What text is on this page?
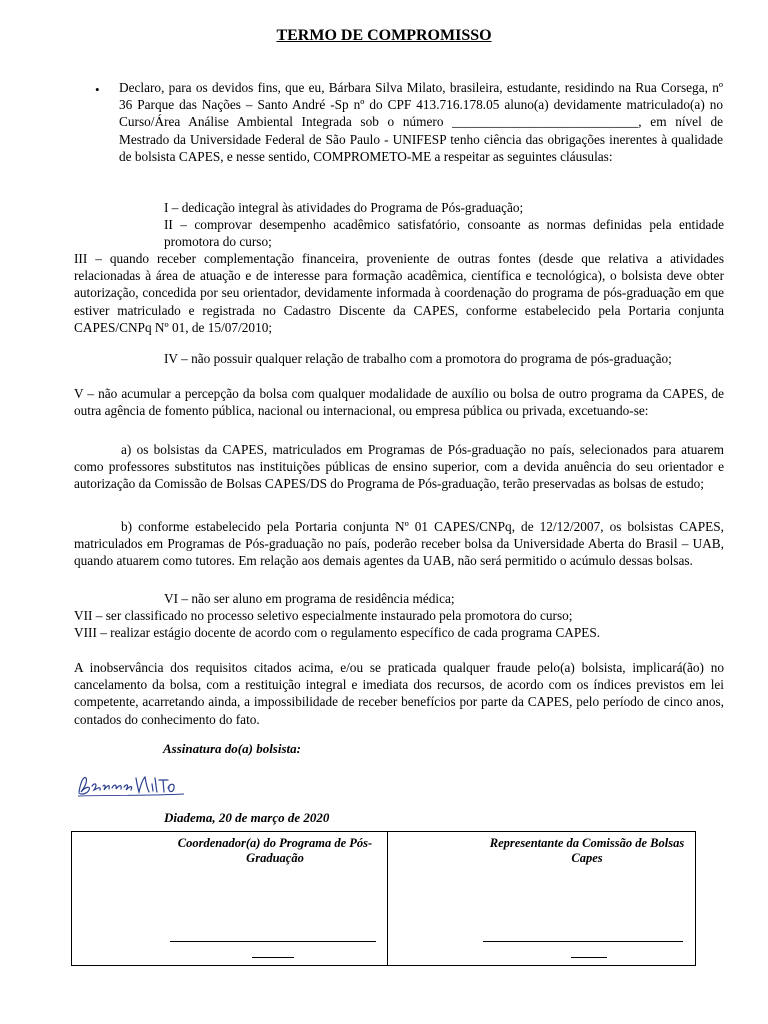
TERMO DE COMPROMISSO
• Declaro, para os devidos fins, que eu, Bárbara Silva Milato, brasileira, estudante, residindo na Rua Corsega, nº 36 Parque das Nações – Santo André -Sp nº do CPF 413.716.178.05 aluno(a) devidamente matriculado(a) no Curso/Área Análise Ambiental Integrada sob o número ____________________________, em nível de Mestrado da Universidade Federal de São Paulo - UNIFESP tenho ciência das obrigações inerentes à qualidade de bolsista CAPES, e nesse sentido, COMPROMETO-ME a respeitar as seguintes cláusulas:

I – dedicação integral às atividades do Programa de Pós-graduação;

II – comprovar desempenho acadêmico satisfatório, consoante as normas definidas pela entidade promotora do curso;

III – quando receber complementação financeira, proveniente de outras fontes (desde que relativa a atividades relacionadas à área de atuação e de interesse para formação acadêmica, científica e tecnológica), o bolsista deve obter autorização, concedida por seu orientador, devidamente informada à coordenação do programa de pós-graduação em que estiver matriculado e registrada no Cadastro Discente da CAPES, conforme estabelecido pela Portaria conjunta CAPES/CNPq Nº 01, de 15/07/2010;

IV – não possuir qualquer relação de trabalho com a promotora do programa de pós-graduação;

V – não acumular a percepção da bolsa com qualquer modalidade de auxílio ou bolsa de outro programa da CAPES, de outra agência de fomento pública, nacional ou internacional, ou empresa pública ou privada, excetuando-se:

a) os bolsistas da CAPES, matriculados em Programas de Pós-graduação no país, selecionados para atuarem como professores substitutos nas instituições públicas de ensino superior, com a devida anuência do seu orientador e autorização da Comissão de Bolsas CAPES/DS do Programa de Pós-graduação, terão preservadas as bolsas de estudo;

b) conforme estabelecido pela Portaria conjunta Nº 01 CAPES/CNPq, de 12/12/2007, os bolsistas CAPES, matriculados em Programas de Pós-graduação no país, poderão receber bolsa da Universidade Aberta do Brasil – UAB, quando atuarem como tutores. Em relação aos demais agentes da UAB, não será permitido o acúmulo dessas bolsas.

VI – não ser aluno em programa de residência médica;

VII – ser classificado no processo seletivo especialmente instaurado pela promotora do curso;

VIII – realizar estágio docente de acordo com o regulamento específico de cada programa CAPES.

A inobservância dos requisitos citados acima, e/ou se praticada qualquer fraude pelo(a) bolsista, implicará(ão) no cancelamento da bolsa, com a restituição integral e imediata dos recursos, de acordo com os índices previstos em lei competente, acarretando ainda, a impossibilidade de receber benefícios por parte da CAPES, pelo período de cinco anos, contados do conhecimento do fato.

Assinatura do(a) bolsista:
Diadema, 20 de março de 2020
Coordenador(a) do Programa de Pós-Graduação
Representante da Comissão de Bolsas Capes
